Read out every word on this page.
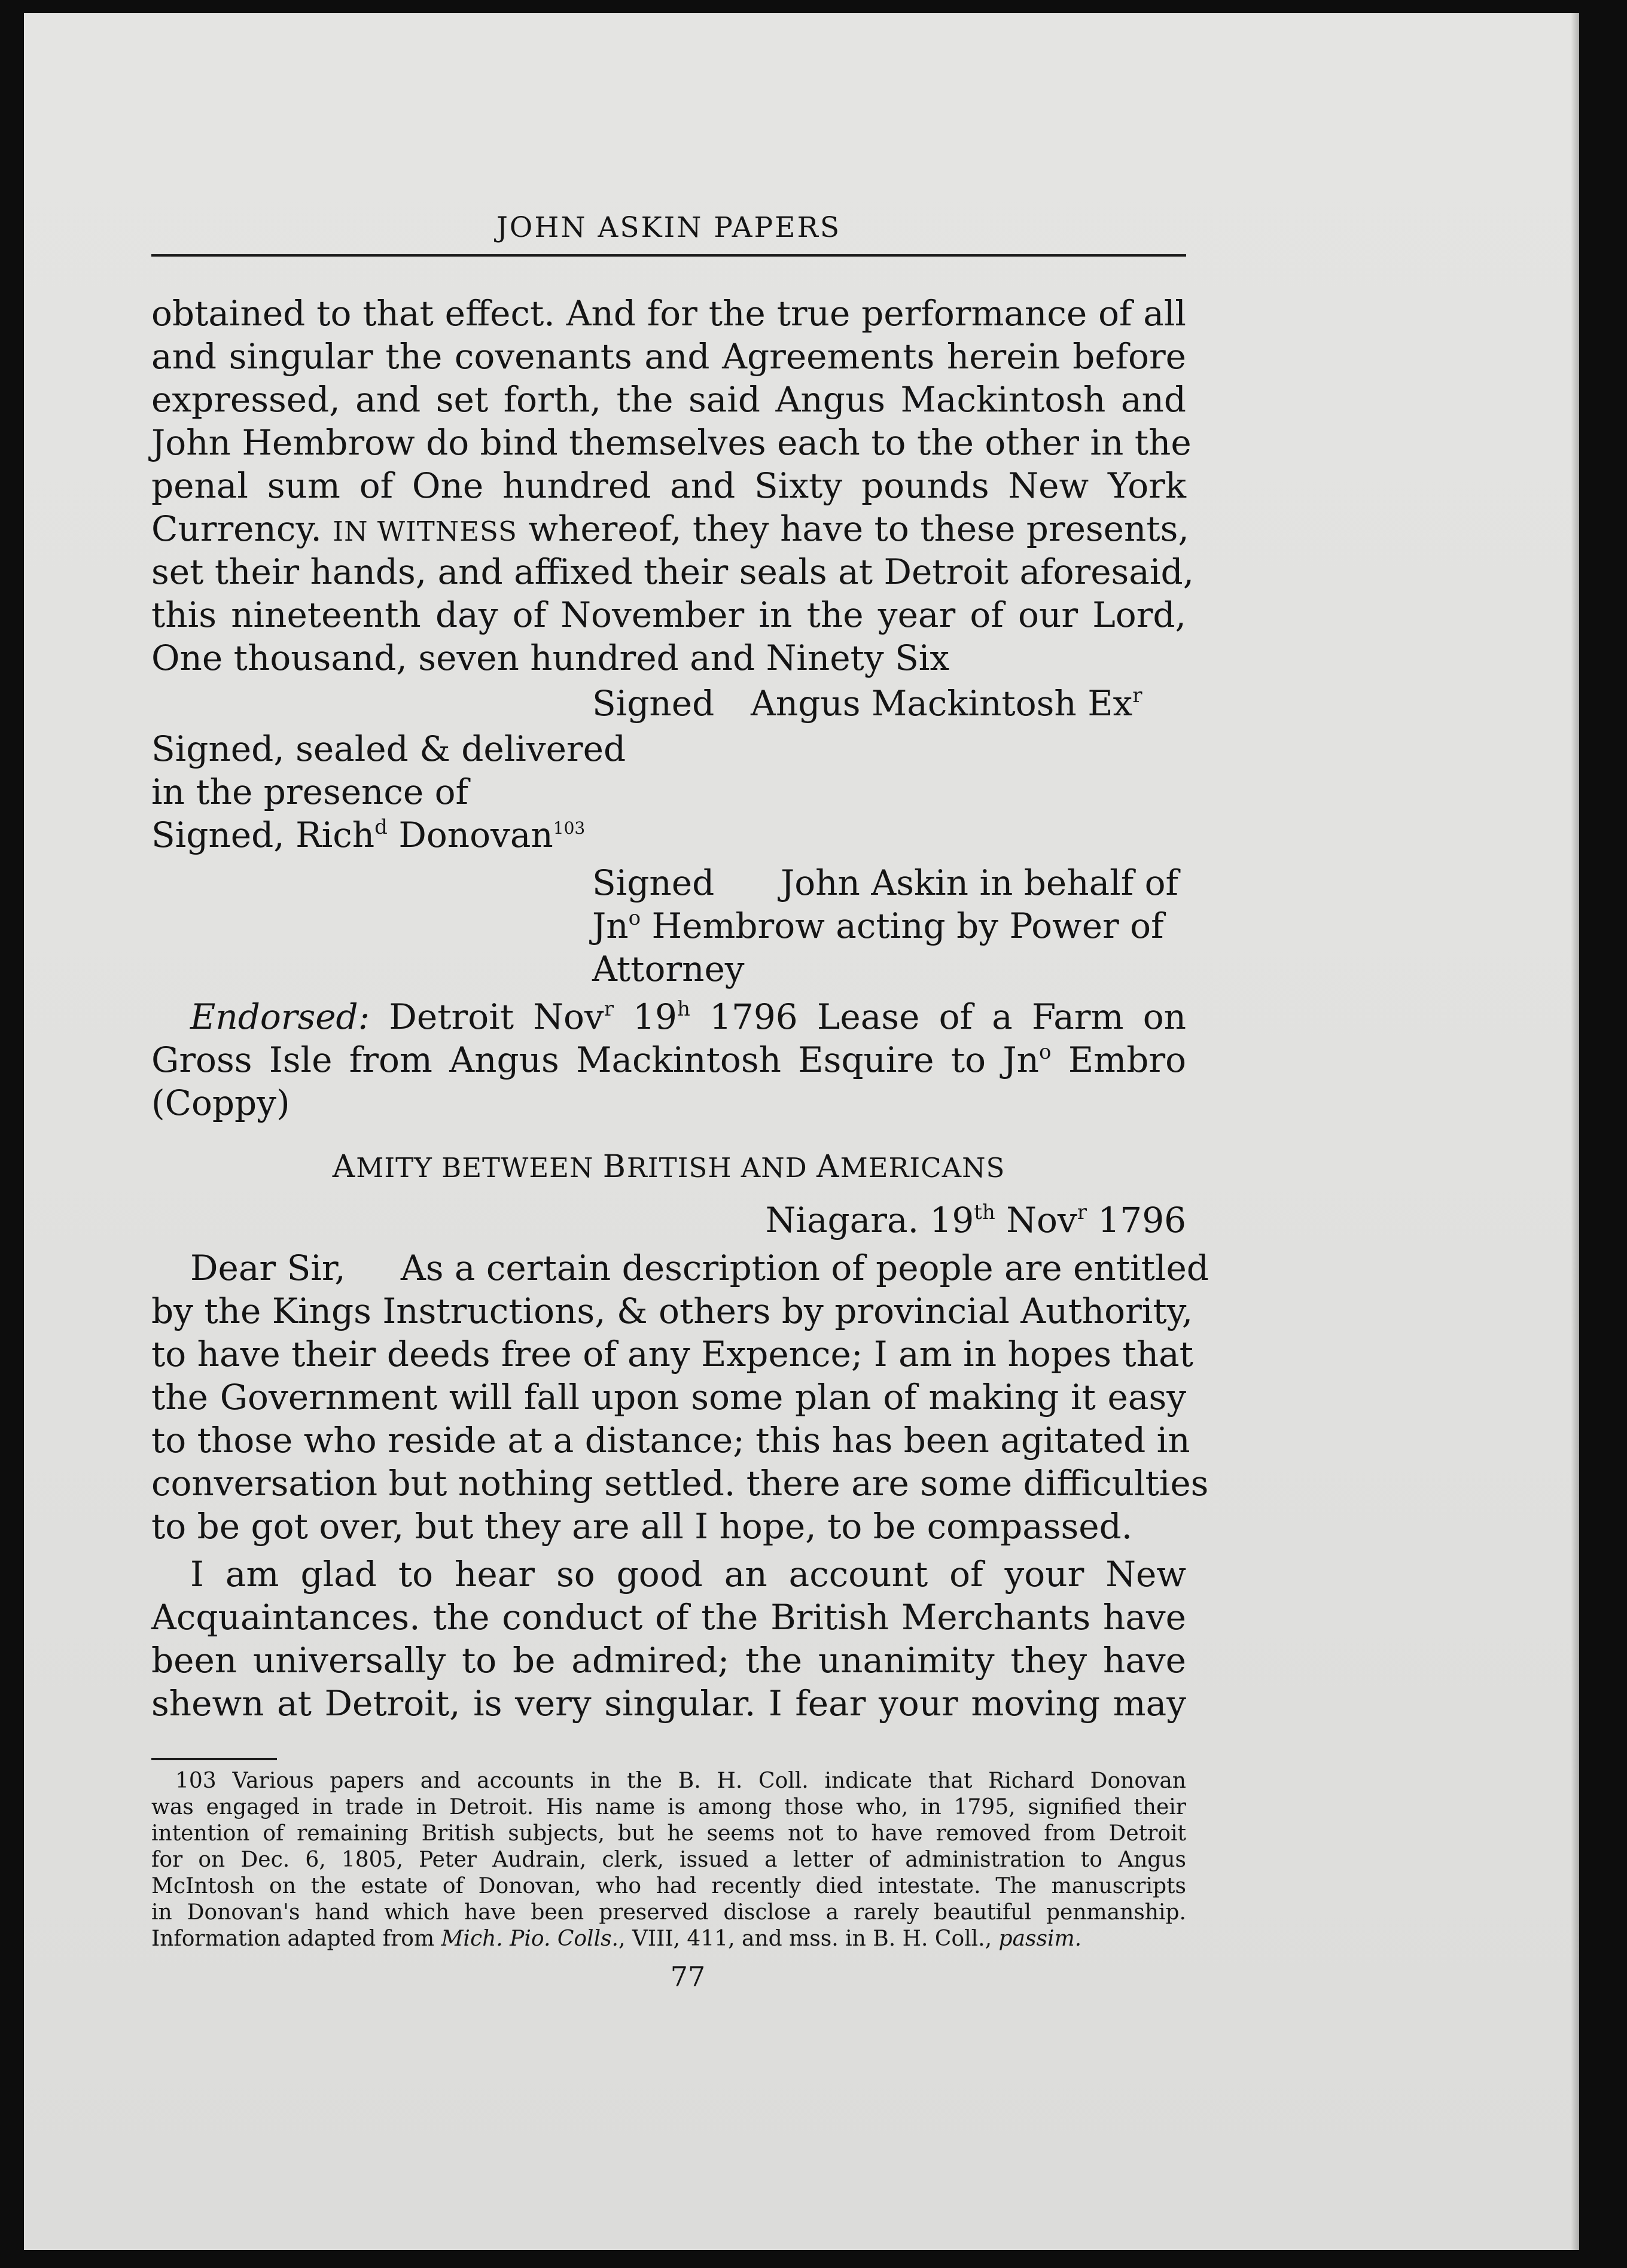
JOHN ASKIN PAPERS
obtained to that effect. And for the true performance of all
and singular the covenants and Agreements herein before
expressed, and set forth, the said Angus Mackintosh and
John Hembrow do bind themselves each to the other in the
penal sum of One hundred and Sixty pounds New York
Currency. IN WITNESS whereof, they have to these presents,
set their hands, and affixed their seals at Detroit aforesaid,
this nineteenth day of November in the year of our Lord,
One thousand, seven hundred and Ninety Six
Signed Angus Mackintosh Ex$^r$
Signed, sealed & delivered
in the presence of
Signed, Rich$^d$ Donovan$^{103}$
Signed John Askin in behalf of
Jn$^o$ Hembrow acting by Power of
Attorney
Endorsed: Detroit Nov$^r$ 19$^h$ 1796 Lease of a Farm on
Gross Isle from Angus Mackintosh Esquire to Jn$^o$ Embro
(Coppy)
AMITY BETWEEN BRITISH AND AMERICANS
Niagara. 19th Nov$^r$ 1796
Dear Sir,     As a certain description of people are entitled
by the Kings Instructions, & others by provincial Authority,
to have their deeds free of any Expence; I am in hopes that
the Government will fall upon some plan of making it easy
to those who reside at a distance; this has been agitated in
conversation but nothing settled. there are some difficulties
to be got over, but they are all I hope, to be compassed.
I am glad to hear so good an account of your New
Acquaintances. the conduct of the British Merchants have
been universally to be admired; the unanimity they have
shewn at Detroit, is very singular. I fear your moving may
103 Various papers and accounts in the B. H. Coll. indicate that Richard Donovan
was engaged in trade in Detroit. His name is among those who, in 1795, signified their
intention of remaining British subjects, but he seems not to have removed from Detroit
for on Dec. 6, 1805, Peter Audrain, clerk, issued a letter of administration to Angus
McIntosh on the estate of Donovan, who had recently died intestate. The manuscripts
in Donovan's hand which have been preserved disclose a rarely beautiful penmanship.
Information adapted from Mich. Pio. Colls., VIII, 411, and mss. in B. H. Coll., passim.
77
